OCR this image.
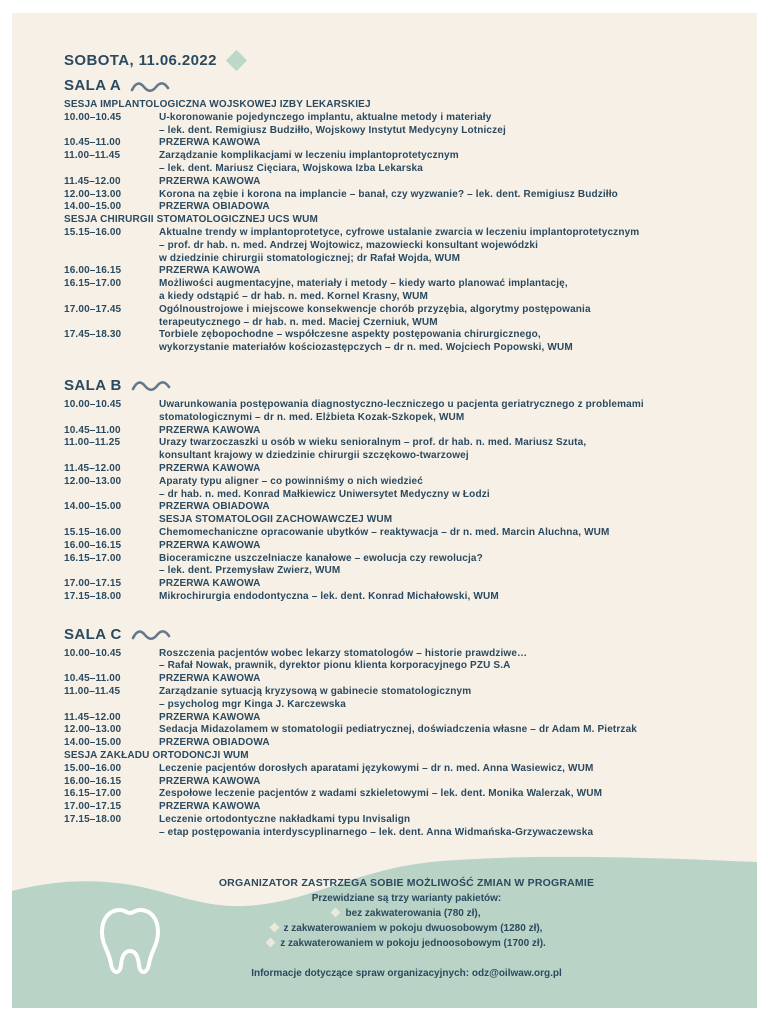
SOBOTA, 11.06.2022
SALA A
SESJA IMPLANTOLOGICZNA WOJSKOWEJ IZBY LEKARSKIEJ
10.00–10.45	U-koronowanie pojedynczego implantu, aktualne metody i materiały
– lek. dent. Remigiusz Budziłło, Wojskowy Instytut Medycyny Lotniczej
10.45–11.00	PRZERWA KAWOWA
11.00–11.45	Zarządzanie komplikacjami w leczeniu implantoprotetycznym
– lek. dent. Mariusz Cięciara, Wojskowa Izba Lekarska
11.45–12.00	PRZERWA KAWOWA
12.00–13.00	Korona na zębie i korona na implancie – banał, czy wyzwanie? – lek. dent. Remigiusz Budziłło
14.00–15.00	PRZERWA OBIADOWA
SESJA CHIRURGII STOMATOLOGICZNEJ UCS WUM
15.15–16.00	Aktualne trendy w implantoprotetyce, cyfrowe ustalanie zwarcia w leczeniu implantoprotetycznym
– prof. dr hab. n. med. Andrzej Wojtowicz, mazowiecki konsultant wojewódzki
w dziedzinie chirurgii stomatologicznej; dr Rafał Wojda, WUM
16.00–16.15	PRZERWA KAWOWA
16.15–17.00	Możliwości augmentacyjne, materiały i metody – kiedy warto planować implantację,
a kiedy odstąpić – dr hab. n. med. Kornel Krasny, WUM
17.00–17.45	Ogólnoustrojowe i miejscowe konsekwencje chorób przyzębia, algorytmy postępowania
terapeutycznego – dr hab. n. med. Maciej Czerniuk, WUM
17.45–18.30	Torbiele zębopochodne – współczesne aspekty postępowania chirurgicznego,
wykorzystanie materiałów kościozastępczych – dr n. med. Wojciech Popowski, WUM
SALA B
10.00–10.45	Uwarunkowania postępowania diagnostyczno-leczniczego u pacjenta geriatrycznego z problemami
stomatologicznymi – dr n. med. Elżbieta Kozak-Szkopek, WUM
10.45–11.00	PRZERWA KAWOWA
11.00–11.25	Urazy twarzoczaszki u osób w wieku senioralnym – prof. dr hab. n. med. Mariusz Szuta,
konsultant krajowy w dziedzinie chirurgii szczękowo-twarzowej
11.45–12.00	PRZERWA KAWOWA
12.00–13.00	Aparaty typu aligner – co powinniśmy o nich wiedzieć
– dr hab. n. med. Konrad Małkiewicz Uniwersytet Medyczny w Łodzi
14.00–15.00	PRZERWA OBIADOWA
SESJA STOMATOLOGII ZACHOWAWCZEJ WUM
15.15–16.00	Chemomechaniczne opracowanie ubytków – reaktywacja – dr n. med. Marcin Aluchna, WUM
16.00–16.15	PRZERWA KAWOWA
16.15–17.00	Bioceramiczne uszczelniacze kanałowe – ewolucja czy rewolucja?
– lek. dent. Przemysław Zwierz, WUM
17.00–17.15	PRZERWA KAWOWA
17.15–18.00	Mikrochirurgia endodontyczna – lek. dent. Konrad Michałowski, WUM
SALA C
10.00–10.45	Roszczenia pacjentów wobec lekarzy stomatologów – historie prawdziwe…
– Rafał Nowak, prawnik, dyrektor pionu klienta korporacyjnego PZU S.A
10.45–11.00	PRZERWA KAWOWA
11.00–11.45	Zarządzanie sytuacją kryzysową w gabinecie stomatologicznym
– psycholog mgr Kinga J. Karczewska
11.45–12.00	PRZERWA KAWOWA
12.00–13.00	Sedacja Midazolamem w stomatologii pediatrycznej, doświadczenia własne – dr Adam M. Pietrzak
14.00–15.00	PRZERWA OBIADOWA
SESJA ZAKŁADU ORTODONCJI WUM
15.00–16.00	Leczenie pacjentów dorosłych aparatami językowymi – dr n. med. Anna Wasiewicz, WUM
16.00–16.15	PRZERWA KAWOWA
16.15–17.00	Zespołowe leczenie pacjentów z wadami szkieletowymi – lek. dent. Monika Walerzak, WUM
17.00–17.15	PRZERWA KAWOWA
17.15–18.00	Leczenie ortodontyczne nakładkami typu Invisalign
– etap postępowania interdyscyplinarnego – lek. dent. Anna Widmańska-Grzywaczewska
ORGANIZATOR ZASTRZEGA SOBIE MOŻLIWOŚĆ ZMIAN W PROGRAMIE
Przewidziane są trzy warianty pakietów:
bez zakwaterowania (780 zł),
z zakwaterowaniem w pokoju dwuosobowym (1280 zł),
z zakwaterowaniem w pokoju jednoosobowym (1700 zł).
Informacje dotyczące spraw organizacyjnych: odz@oilwaw.org.pl
